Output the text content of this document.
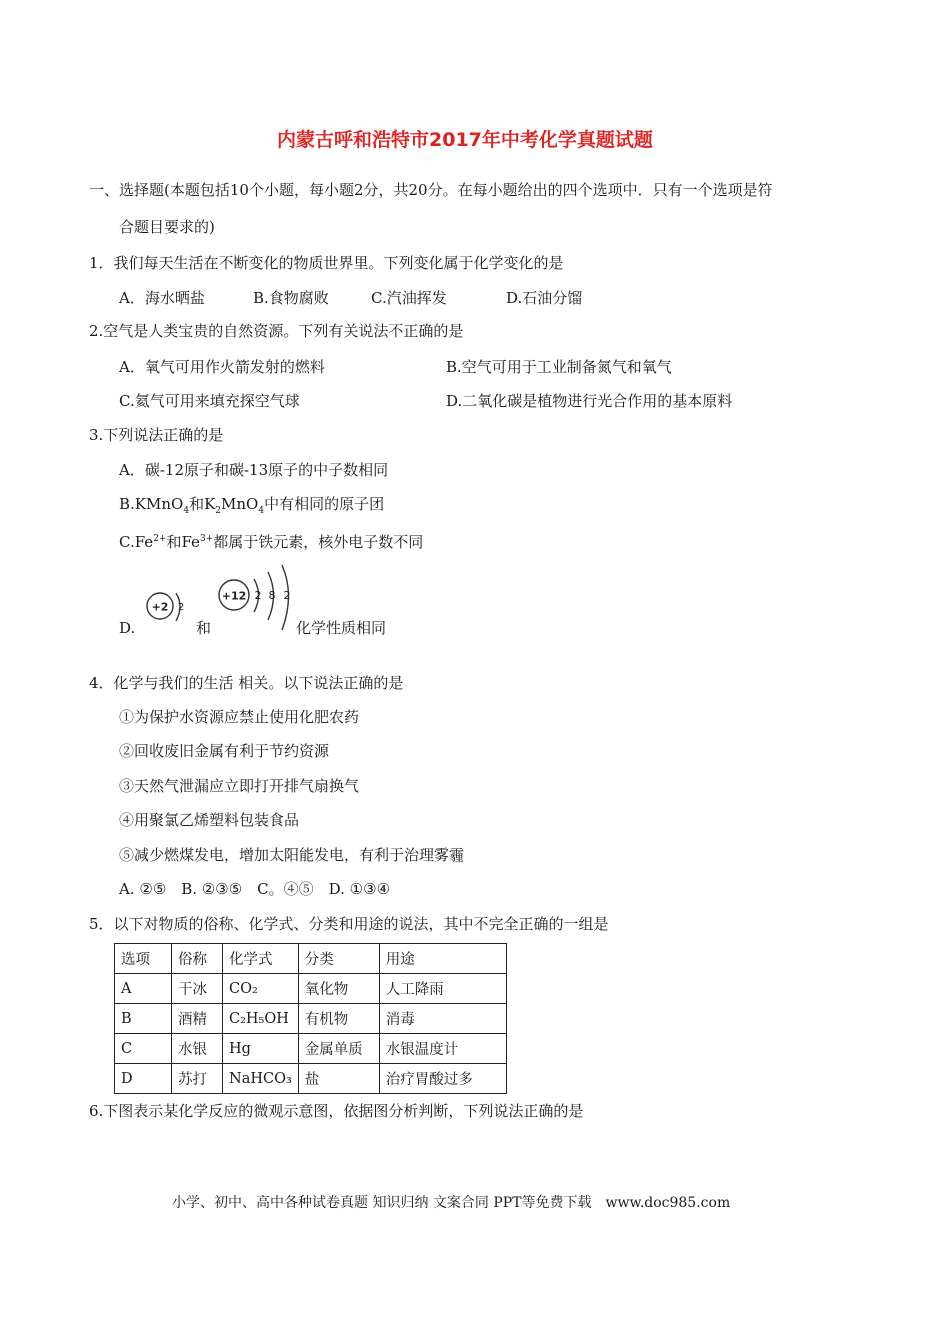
内蒙古呼和浩特市2017年中考化学真题试题
一、选择题(本题包括10个小题，每小题2分，共20分。在每小题给出的四个选项中．只有一个选项是符
合题目要求的)
1．我们每天生活在不断变化的物质世界里。下列变化属于化学变化的是
A．海水晒盐	B.食物腐败	C.汽油挥发	D.石油分馏
2.空气是人类宝贵的自然资源。下列有关说法不正确的是
A．氧气可用作火箭发射的燃料	B.空气可用于工业制备氮气和氧气
C.氦气可用来填充探空气球	D.二氧化碳是植物进行光合作用的基本原料
3.下列说法正确的是
A．碳-12原子和碳-13原子的中子数相同
B.KMnO$_4$和$K_2MnO_4$中有相同的原子团
$C.Fe^{2+}$和$Fe^{3+}$都属于铁元素，核外电子数不同
D.
+2 2
和
+12 2 8 2
化学性质相同
4．化学与我们的生活 相关。以下说法正确的是
①为保护水资源应禁止使用化肥农药
②回收废旧金属有利于节约资源
③天然气泄漏应立即打开排气扇换气
④用聚氯乙烯塑料包装食品
⑤减少燃煤发电，增加太阳能发电，有利于治理雾霾
A. ②⑤　B. ②③⑤　C。④⑤　D. ①③④
5．以下对物质的俗称、化学式、分类和用途的说法，其中不完全正确的一组是
选项	俗称	化学式	分类	用途
A	干冰	CO₂	氧化物	人工降雨
B	酒精	C₂H₅OH	有机物	消毒
C	水银	Hg	金属单质	水银温度计
D	苏打	NaHCO₃	盐	治疗胃酸过多
6.下图表示某化学反应的微观示意图，依据图分析判断，下列说法正确的是
小学、初中、高中各种试卷真题 知识归纳 文案合同 PPT等免费下载　www.doc985.com
